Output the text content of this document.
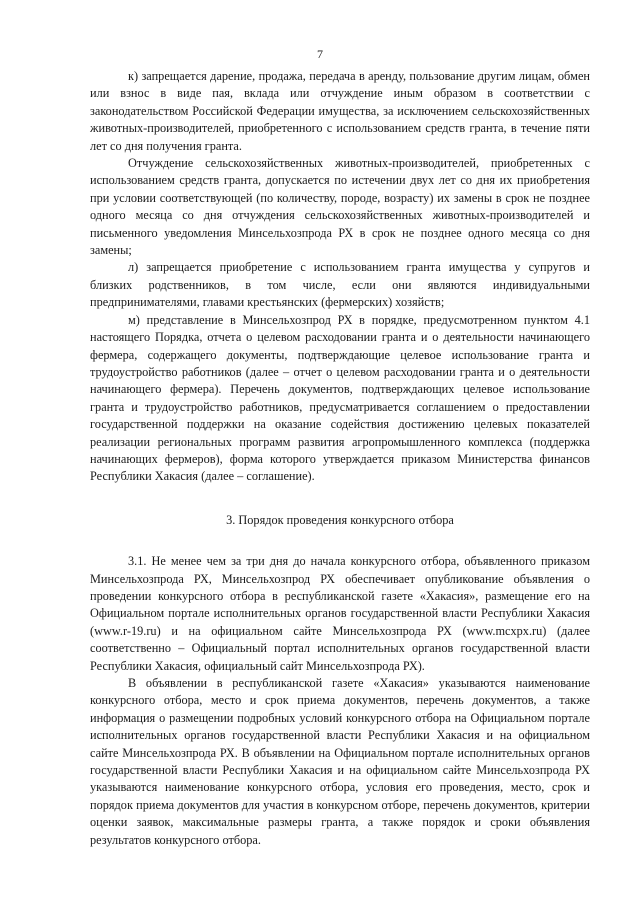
7

к) запрещается дарение, продажа, передача в аренду, пользование другим лицам, обмен или взнос в виде пая, вклада или отчуждение иным образом в соответствии с законодательством Российской Федерации имущества, за исключением сельскохозяйственных животных-производителей, приобретенного с использованием средств гранта, в течение пяти лет со дня получения гранта.

Отчуждение сельскохозяйственных животных-производителей, приобретенных с использованием средств гранта, допускается по истечении двух лет со дня их приобретения при условии соответствующей (по количеству, породе, возрасту) их замены в срок не позднее одного месяца со дня отчуждения сельскохозяйственных животных-производителей и письменного уведомления Минсельхозпрода РХ в срок не позднее одного месяца со дня замены;

л) запрещается приобретение с использованием гранта имущества у супругов и близких родственников, в том числе, если они являются индивидуальными предпринимателями, главами крестьянских (фермерских) хозяйств;

м) представление в Минсельхозпрод РХ в порядке, предусмотренном пунктом 4.1 настоящего Порядка, отчета о целевом расходовании гранта и о деятельности начинающего фермера, содержащего документы, подтверждающие целевое использование гранта и трудоустройство работников (далее – отчет о целевом расходовании гранта и о деятельности начинающего фермера). Перечень документов, подтверждающих целевое использование гранта и трудоустройство работников, предусматривается соглашением о предоставлении государственной поддержки на оказание содействия достижению целевых показателей реализации региональных программ развития агропромышленного комплекса (поддержка начинающих фермеров), форма которого утверждается приказом Министерства финансов Республики Хакасия (далее – соглашение).

3. Порядок проведения конкурсного отбора

3.1. Не менее чем за три дня до начала конкурсного отбора, объявленного приказом Минсельхозпрода РХ, Минсельхозпрод РХ обеспечивает опубликование объявления о проведении конкурсного отбора в республиканской газете «Хакасия», размещение его на Официальном портале исполнительных органов государственной власти Республики Хакасия (www.r-19.ru) и на официальном сайте Минсельхозпрода РХ (www.mcxpx.ru) (далее соответственно – Официальный портал исполнительных органов государственной власти Республики Хакасия, официальный сайт Минсельхозпрода РХ).

В объявлении в республиканской газете «Хакасия» указываются наименование конкурсного отбора, место и срок приема документов, перечень документов, а также информация о размещении подробных условий конкурсного отбора на Официальном портале исполнительных органов государственной власти Республики Хакасия и на официальном сайте Минсельхозпрода РХ. В объявлении на Официальном портале исполнительных органов государственной власти Республики Хакасия и на официальном сайте Минсельхозпрода РХ указываются наименование конкурсного отбора, условия его проведения, место, срок и порядок приема документов для участия в конкурсном отборе, перечень документов, критерии оценки заявок, максимальные размеры гранта, а также порядок и сроки объявления результатов конкурсного отбора.
